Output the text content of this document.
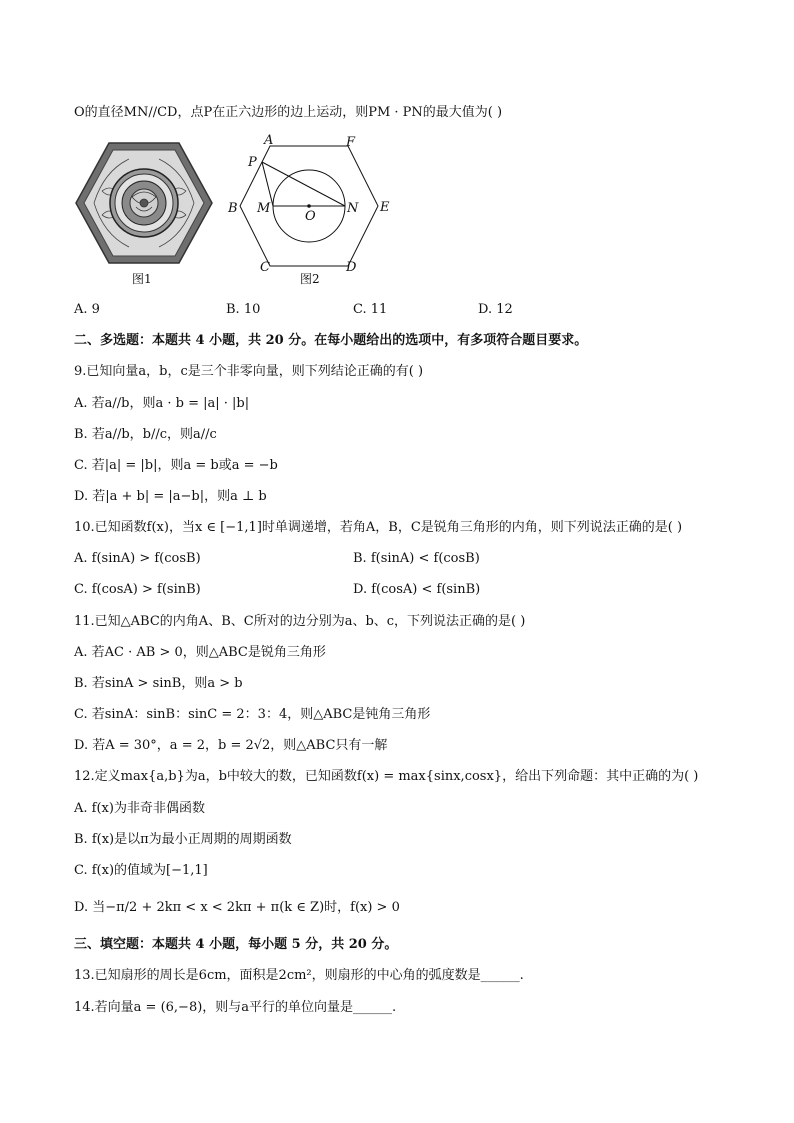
O的直径MN//CD，点P在正六边形的边上运动，则PM · PN的最大值为( )
图1
A	F
P
B M
O
N E
C	D
图2
A. 9	B. 10	C. 11	D. 12
二、多选题：本题共 4 小题，共 20 分。在每小题给出的选项中，有多项符合题目要求。
9.已知向量a，b，c是三个非零向量，则下列结论正确的有( )
A. 若a//b，则a · b = |a| · |b|
B. 若a//b，b//c，则a//c
C. 若|a| = |b|，则a = b或a = −b
D. 若|a + b| = |a−b|，则a ⊥ b
10.已知函数f(x)，当x ∈ [−1,1]时单调递增，若角A，B，C是锐角三角形的内角，则下列说法正确的是( )
A. f(sinA) > f(cosB)	B. f(sinA) < f(cosB)
C. f(cosA) > f(sinB)	D. f(cosA) < f(sinB)
11.已知△ABC的内角A、B、C所对的边分别为a、b、c，下列说法正确的是( )
A. 若AC · AB > 0，则△ABC是锐角三角形
B. 若sinA > sinB，则a > b
C. 若sinA：sinB：sinC = 2：3：4，则△ABC是钝角三角形
D. 若A = 30°，a = 2，b = 2√2，则△ABC只有一解
12.定义max{a,b}为a，b中较大的数，已知函数f(x) = max{sinx,cosx}，给出下列命题：其中正确的为( )
A. f(x)为非奇非偶函数
B. f(x)是以π为最小正周期的周期函数
C. f(x)的值域为[−1,1]
D. 当−π/2 + 2kπ < x < 2kπ + π(k ∈ Z)时，f(x) > 0
三、填空题：本题共 4 小题，每小题 5 分，共 20 分。
13.已知扇形的周长是6cm，面积是2cm²，则扇形的中心角的弧度数是______.
14.若向量a = (6,−8)，则与a平行的单位向量是______.
